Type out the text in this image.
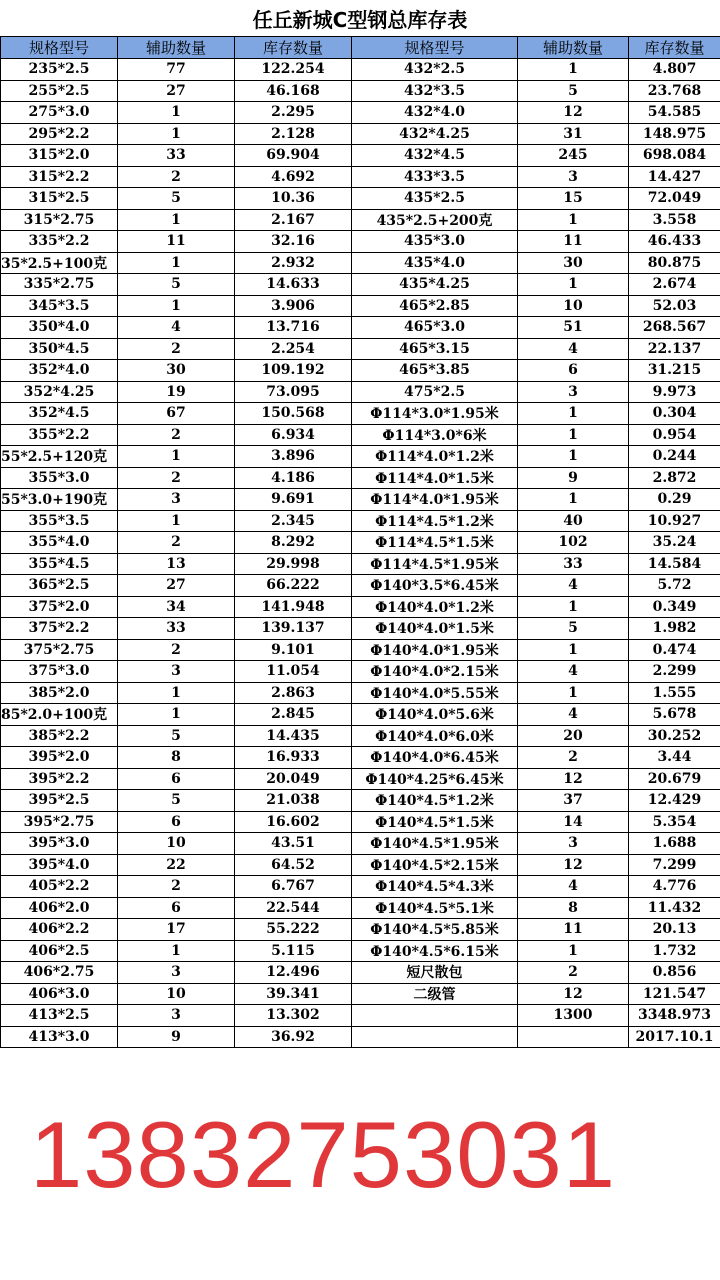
任丘新城C型钢总库存表
规格型号	辅助数量	库存数量	规格型号	辅助数量	库存数量
235*2.5	77	122.254	432*2.5	1	4.807
255*2.5	27	46.168	432*3.5	5	23.768
275*3.0	1	2.295	432*4.0	12	54.585
295*2.2	1	2.128	432*4.25	31	148.975
315*2.0	33	69.904	432*4.5	245	698.084
315*2.2	2	4.692	433*3.5	3	14.427
315*2.5	5	10.36	435*2.5	15	72.049
315*2.75	1	2.167	435*2.5+200克	1	3.558
335*2.2	11	32.16	435*3.0	11	46.433
35*2.5+100克	1	2.932	435*4.0	30	80.875
335*2.75	5	14.633	435*4.25	1	2.674
345*3.5	1	3.906	465*2.85	10	52.03
350*4.0	4	13.716	465*3.0	51	268.567
350*4.5	2	2.254	465*3.15	4	22.137
352*4.0	30	109.192	465*3.85	6	31.215
352*4.25	19	73.095	475*2.5	3	9.973
352*4.5	67	150.568	Φ114*3.0*1.95米	1	0.304
355*2.2	2	6.934	Φ114*3.0*6米	1	0.954
55*2.5+120克	1	3.896	Φ114*4.0*1.2米	1	0.244
355*3.0	2	4.186	Φ114*4.0*1.5米	9	2.872
55*3.0+190克	3	9.691	Φ114*4.0*1.95米	1	0.29
355*3.5	1	2.345	Φ114*4.5*1.2米	40	10.927
355*4.0	2	8.292	Φ114*4.5*1.5米	102	35.24
355*4.5	13	29.998	Φ114*4.5*1.95米	33	14.584
365*2.5	27	66.222	Φ140*3.5*6.45米	4	5.72
375*2.0	34	141.948	Φ140*4.0*1.2米	1	0.349
375*2.2	33	139.137	Φ140*4.0*1.5米	5	1.982
375*2.75	2	9.101	Φ140*4.0*1.95米	1	0.474
375*3.0	3	11.054	Φ140*4.0*2.15米	4	2.299
385*2.0	1	2.863	Φ140*4.0*5.55米	1	1.555
85*2.0+100克	1	2.845	Φ140*4.0*5.6米	4	5.678
385*2.2	5	14.435	Φ140*4.0*6.0米	20	30.252
395*2.0	8	16.933	Φ140*4.0*6.45米	2	3.44
395*2.2	6	20.049	Φ140*4.25*6.45米	12	20.679
395*2.5	5	21.038	Φ140*4.5*1.2米	37	12.429
395*2.75	6	16.602	Φ140*4.5*1.5米	14	5.354
395*3.0	10	43.51	Φ140*4.5*1.95米	3	1.688
395*4.0	22	64.52	Φ140*4.5*2.15米	12	7.299
405*2.2	2	6.767	Φ140*4.5*4.3米	4	4.776
406*2.0	6	22.544	Φ140*4.5*5.1米	8	11.432
406*2.2	17	55.222	Φ140*4.5*5.85米	11	20.13
406*2.5	1	5.115	Φ140*4.5*6.15米	1	1.732
406*2.75	3	12.496	短尺散包	2	0.856
406*3.0	10	39.341	二级管	12	121.547
413*2.5	3	13.302		1300	3348.973
413*3.0	9	36.92			2017.10.1
13832753031
